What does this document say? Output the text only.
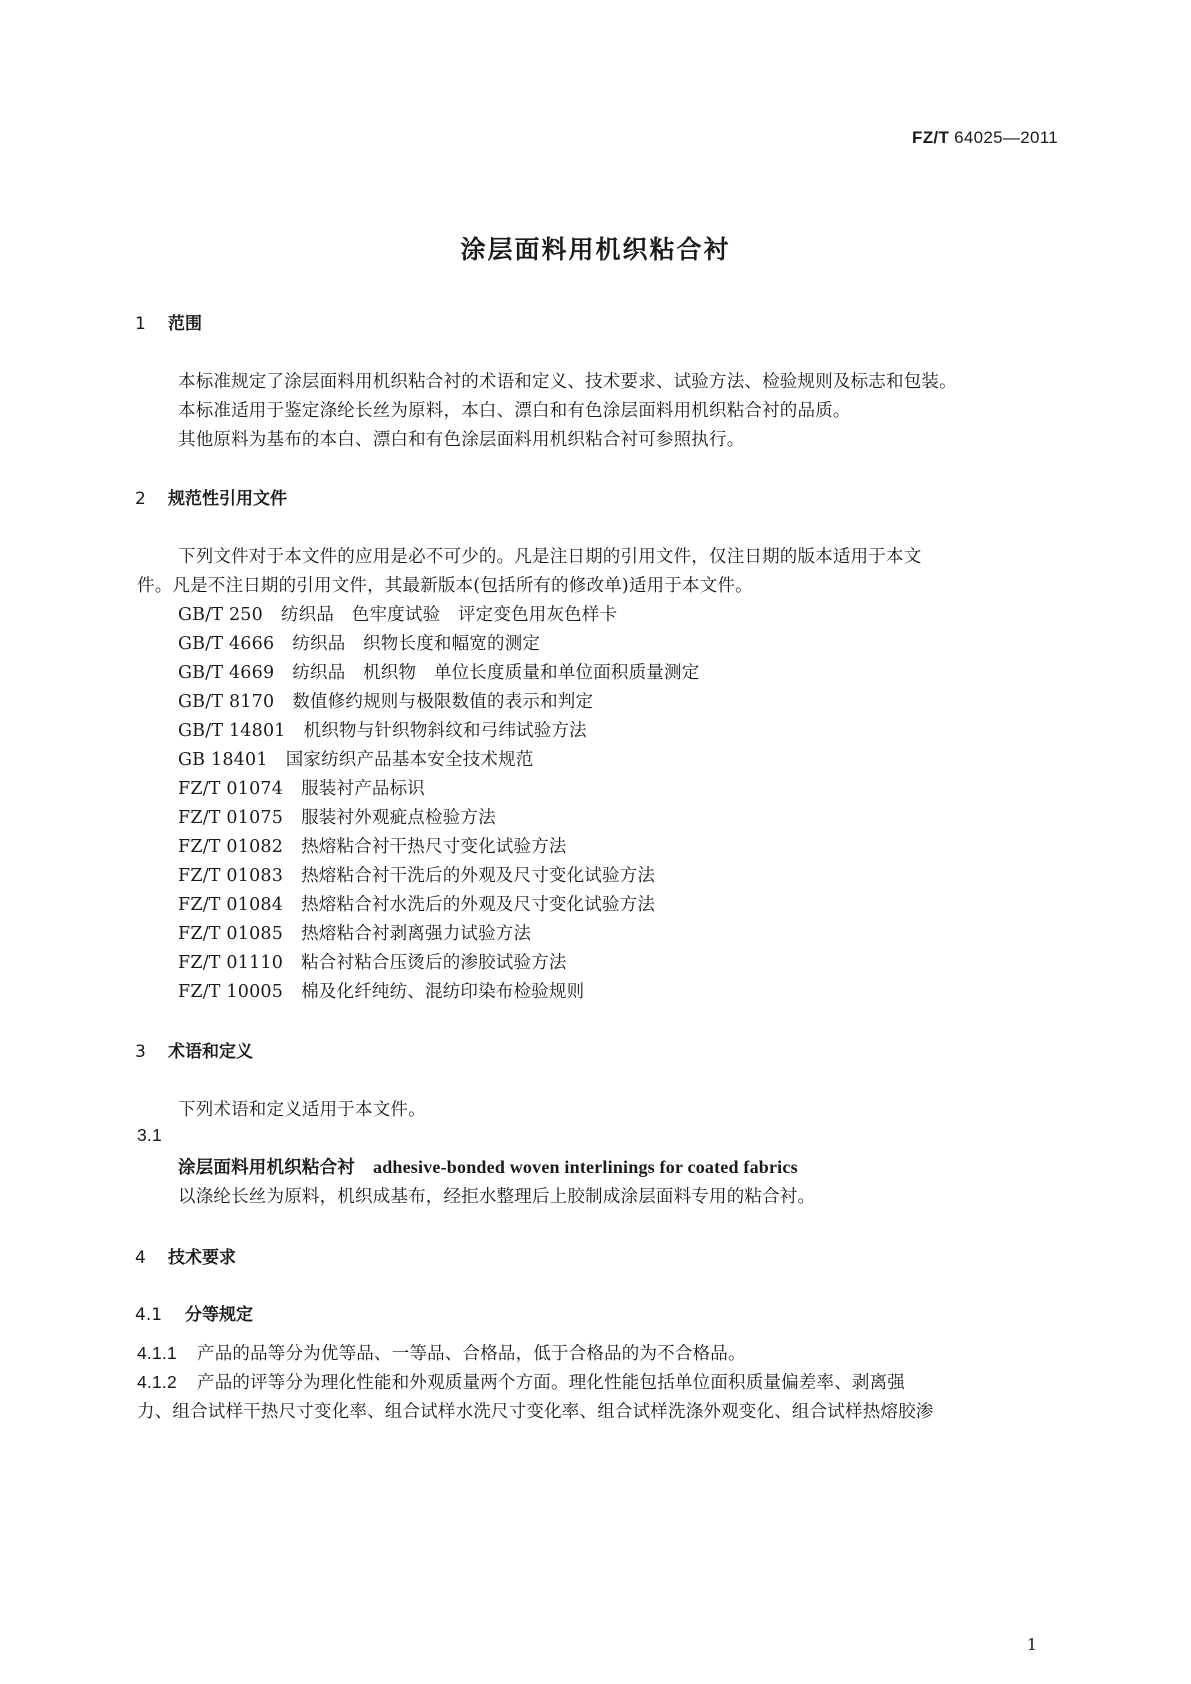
FZ/T 64025—2011
涂层面料用机织粘合衬
1 范围
本标准规定了涂层面料用机织粘合衬的术语和定义、技术要求、试验方法、检验规则及标志和包装。
本标准适用于鉴定涤纶长丝为原料，本白、漂白和有色涂层面料用机织粘合衬的品质。
其他原料为基布的本白、漂白和有色涂层面料用机织粘合衬可参照执行。
2 规范性引用文件
下列文件对于本文件的应用是必不可少的。凡是注日期的引用文件，仅注日期的版本适用于本文
件。凡是不注日期的引用文件，其最新版本(包括所有的修改单)适用于本文件。
GB/T 250 纺织品　色牢度试验　评定变色用灰色样卡
GB/T 4666 纺织品　织物长度和幅宽的测定
GB/T 4669 纺织品　机织物　单位长度质量和单位面积质量测定
GB/T 8170 数值修约规则与极限数值的表示和判定
GB/T 14801 机织物与针织物斜纹和弓纬试验方法
GB 18401 国家纺织产品基本安全技术规范
FZ/T 01074 服装衬产品标识
FZ/T 01075 服装衬外观疵点检验方法
FZ/T 01082 热熔粘合衬干热尺寸变化试验方法
FZ/T 01083 热熔粘合衬干洗后的外观及尺寸变化试验方法
FZ/T 01084 热熔粘合衬水洗后的外观及尺寸变化试验方法
FZ/T 01085 热熔粘合衬剥离强力试验方法
FZ/T 01110 粘合衬粘合压烫后的渗胶试验方法
FZ/T 10005 棉及化纤纯纺、混纺印染布检验规则
3 术语和定义
下列术语和定义适用于本文件。
3.1
涂层面料用机织粘合衬 adhesive-bonded woven interlinings for coated fabrics
以涤纶长丝为原料，机织成基布，经拒水整理后上胶制成涂层面料专用的粘合衬。
4 技术要求
4.1 分等规定
4.1.1 产品的品等分为优等品、一等品、合格品，低于合格品的为不合格品。
4.1.2 产品的评等分为理化性能和外观质量两个方面。理化性能包括单位面积质量偏差率、剥离强
力、组合试样干热尺寸变化率、组合试样水洗尺寸变化率、组合试样洗涤外观变化、组合试样热熔胶渗
1
